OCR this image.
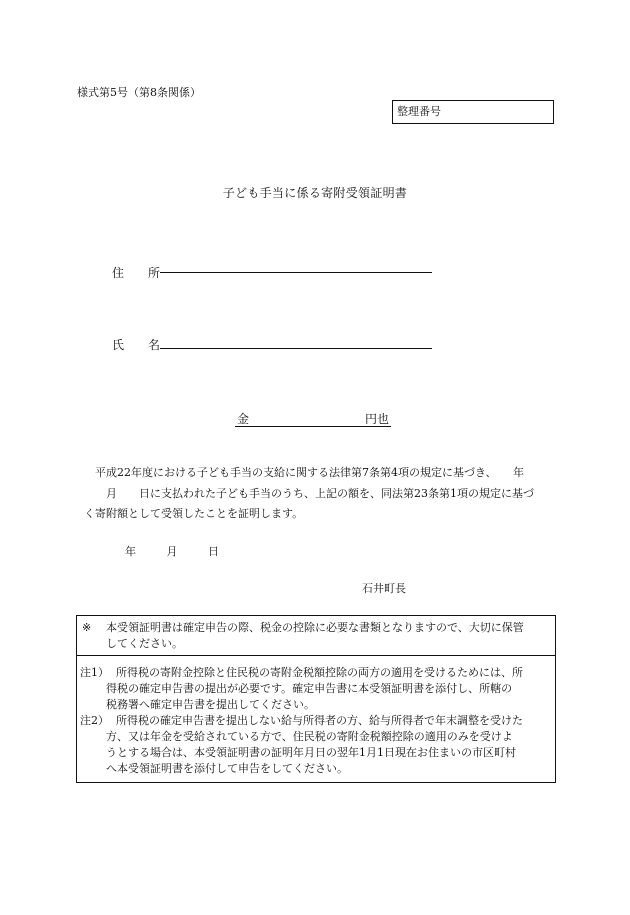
様式第5号（第8条関係）
整理番号
子ども手当に係る寄附受領証明書
住　所
氏　名
金	円也
　平成22年度における子ども手当の支給に関する法律第7条第4項の規定に基づき、　　年
　　月　　日に支払われた子ども手当のうち、上記の額を、同法第23条第1項の規定に基づ
く寄附額として受領したことを証明します。
年	月	日
石井町長
※ 本受領証明書は確定申告の際、税金の控除に必要な書類となりますので、大切に保管
してください。
注1） 所得税の寄附金控除と住民税の寄附金税額控除の両方の適用を受けるためには、所
得税の確定申告書の提出が必要です。確定申告書に本受領証明書を添付し、所轄の
税務署へ確定申告書を提出してください。
注2） 所得税の確定申告書を提出しない給与所得者の方、給与所得者で年末調整を受けた
方、又は年金を受給されている方で、住民税の寄附金税額控除の適用のみを受けよ
うとする場合は、本受領証明書の証明年月日の翌年1月1日現在お住まいの市区町村
へ本受領証明書を添付して申告をしてください。
